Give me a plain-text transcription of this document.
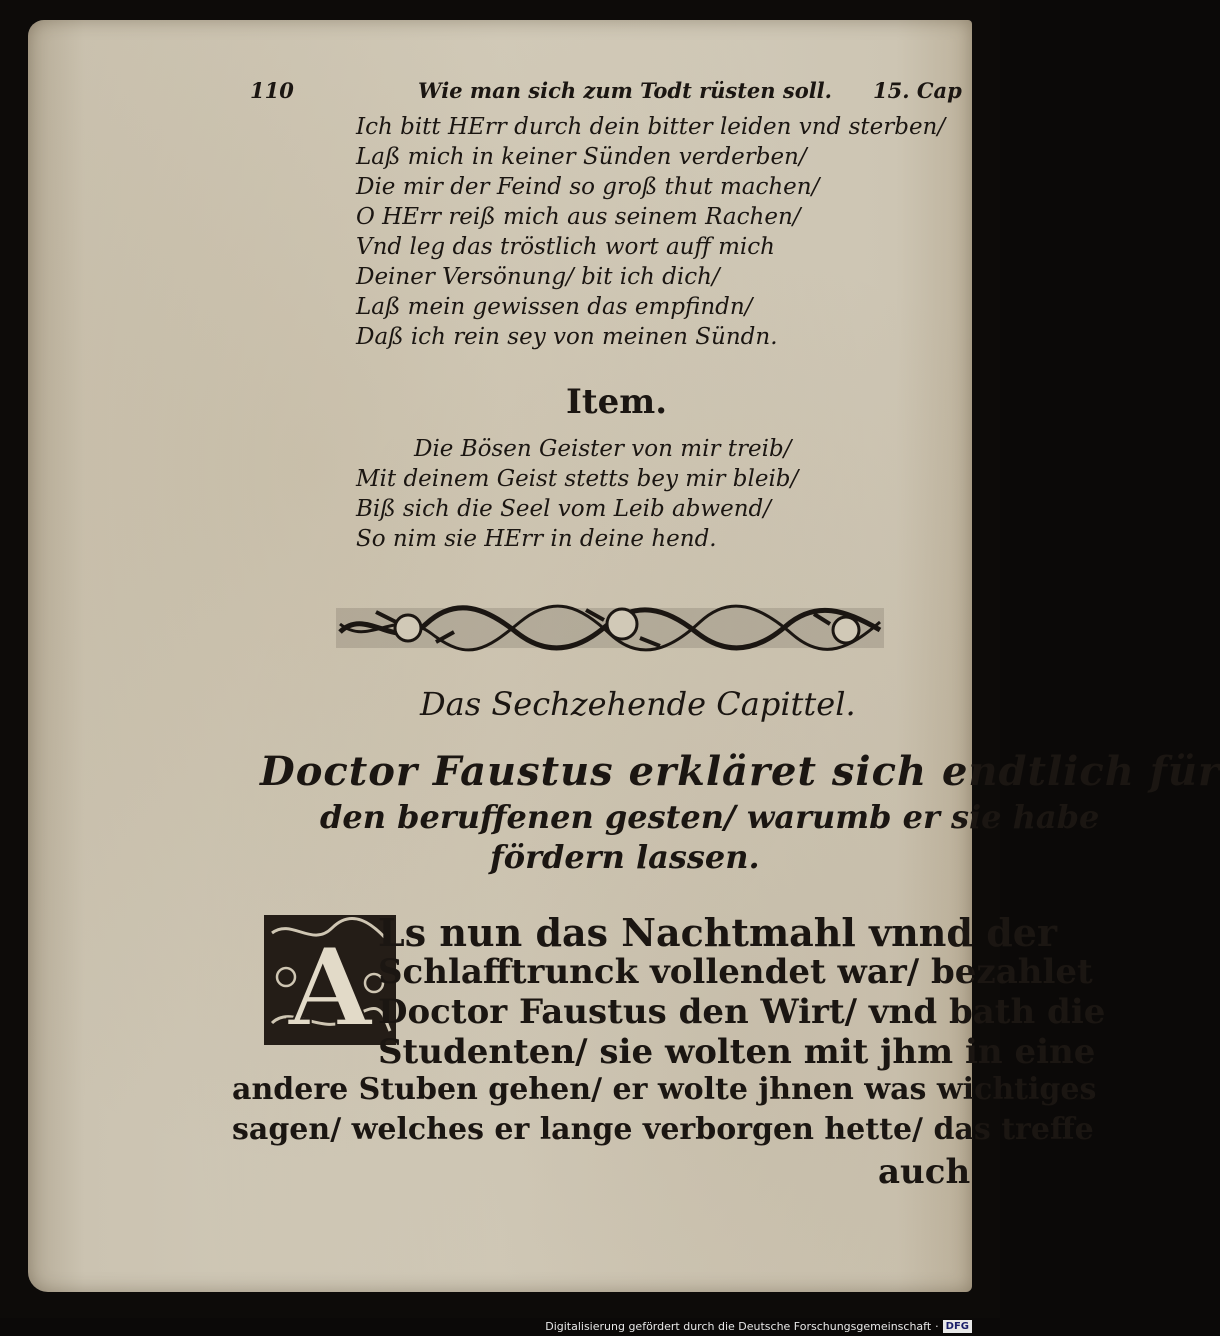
110	Wie man sich zum Todt rüsten soll. 15. Cap
Ich bitt HErr durch dein bitter leiden vnd sterben/
Laß mich in keiner Sünden verderben/
Die mir der Feind so groß thut machen/
O HErr reiß mich aus seinem Rachen/
Vnd leg das tröstlich wort auff mich
Deiner Versönung/ bit ich dich/
Laß mein gewissen das empfindn/
Daß ich rein sey von meinen Sündn.
Item.
Die Bösen Geister von mir treib/
Mit deinem Geist stetts bey mir bleib/
Biß sich die Seel vom Leib abwend/
So nim sie HErr in deine hend.
Das Sechzehende Capittel.
Doctor Faustus erkläret sich endtlich für
den beruffenen gesten/ warumb er sie habe
fördern lassen.
A Ls nun das Nachtmahl vnnd der
Schlafftrunck vollendet war/ bezahlet
Doctor Faustus den Wirt/ vnd bath die
Studenten/ sie wolten mit jhm in eine
andere Stuben gehen/ er wolte jhnen was wichtiges
sagen/ welches er lange verborgen hette/ das treffe
auch
Digitalisierung gefördert durch die Deutsche Forschungsgemeinschaft · DFG
